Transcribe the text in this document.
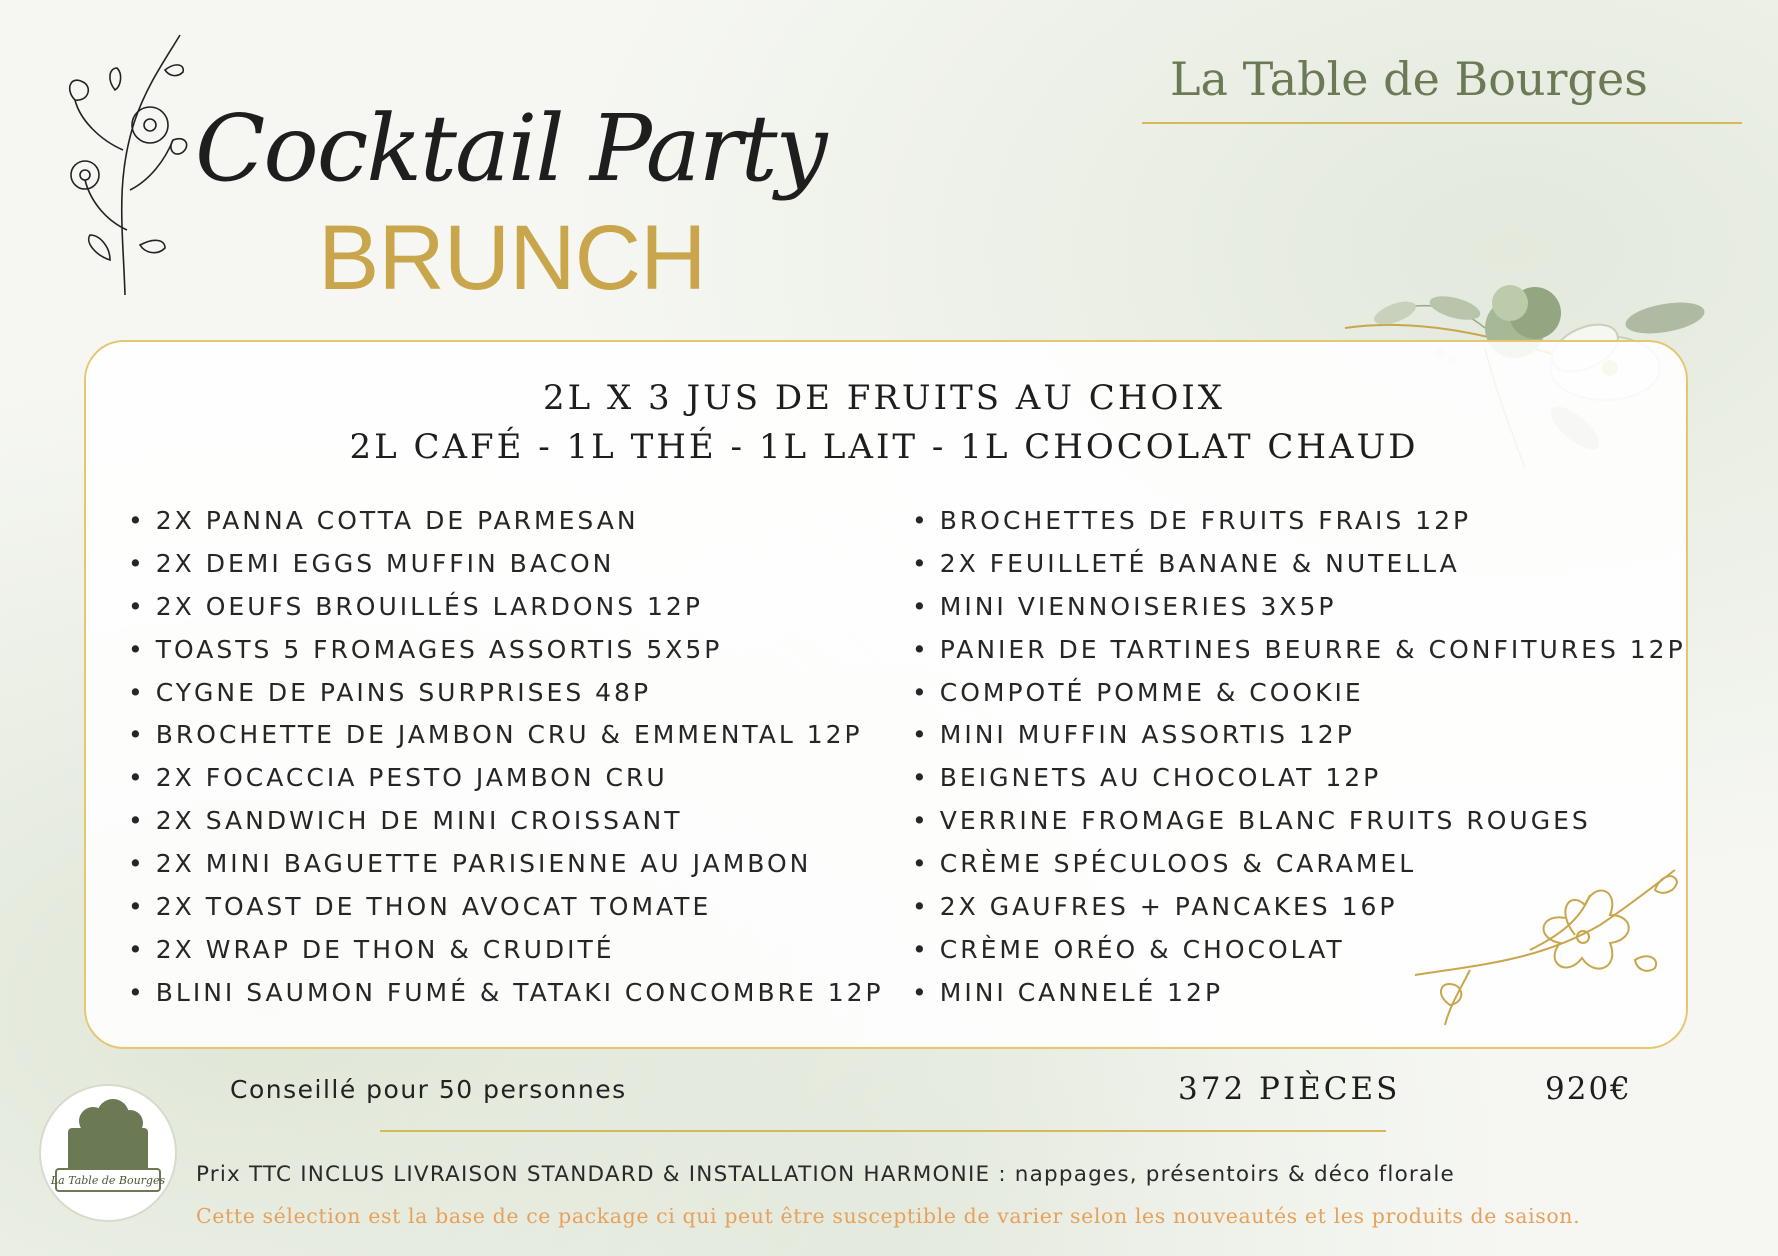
Cocktail Party
BRUNCH
La Table de Bourges
2L X 3 JUS DE FRUITS AU CHOIX
2L CAFÉ - 1L THÉ - 1L LAIT - 1L CHOCOLAT CHAUD
• 2X PANNA COTTA DE PARMESAN
• 2X DEMI EGGS MUFFIN BACON
• 2X OEUFS BROUILLÉS LARDONS 12P
• TOASTS 5 FROMAGES ASSORTIS 5X5P
• CYGNE DE PAINS SURPRISES 48P
• BROCHETTE DE JAMBON CRU & EMMENTAL 12P
• 2X FOCACCIA PESTO JAMBON CRU
• 2X SANDWICH DE MINI CROISSANT
• 2X MINI BAGUETTE PARISIENNE AU JAMBON
• 2X TOAST DE THON AVOCAT TOMATE
• 2X WRAP DE THON & CRUDITÉ
• BLINI SAUMON FUMÉ & TATAKI CONCOMBRE 12P
• BROCHETTES DE FRUITS FRAIS 12P
• 2X FEUILLETÉ BANANE & NUTELLA
• MINI VIENNOISERIES 3X5P
• PANIER DE TARTINES BEURRE & CONFITURES 12P
• COMPOTÉ POMME & COOKIE
• MINI MUFFIN ASSORTIS 12P
• BEIGNETS AU CHOCOLAT 12P
• VERRINE FROMAGE BLANC FRUITS ROUGES
• CRÈME SPÉCULOOS & CARAMEL
• 2X GAUFRES + PANCAKES 16P
• CRÈME ORÉO & CHOCOLAT
• MINI CANNELÉ 12P
Conseillé pour 50 personnes	372 PIÈCES	920€
La Table de Bourges Prix TTC INCLUS LIVRAISON STANDARD & INSTALLATION HARMONIE : nappages, présentoirs & déco florale
Cette sélection est la base de ce package ci qui peut être susceptible de varier selon les nouveautés et les produits de saison.
